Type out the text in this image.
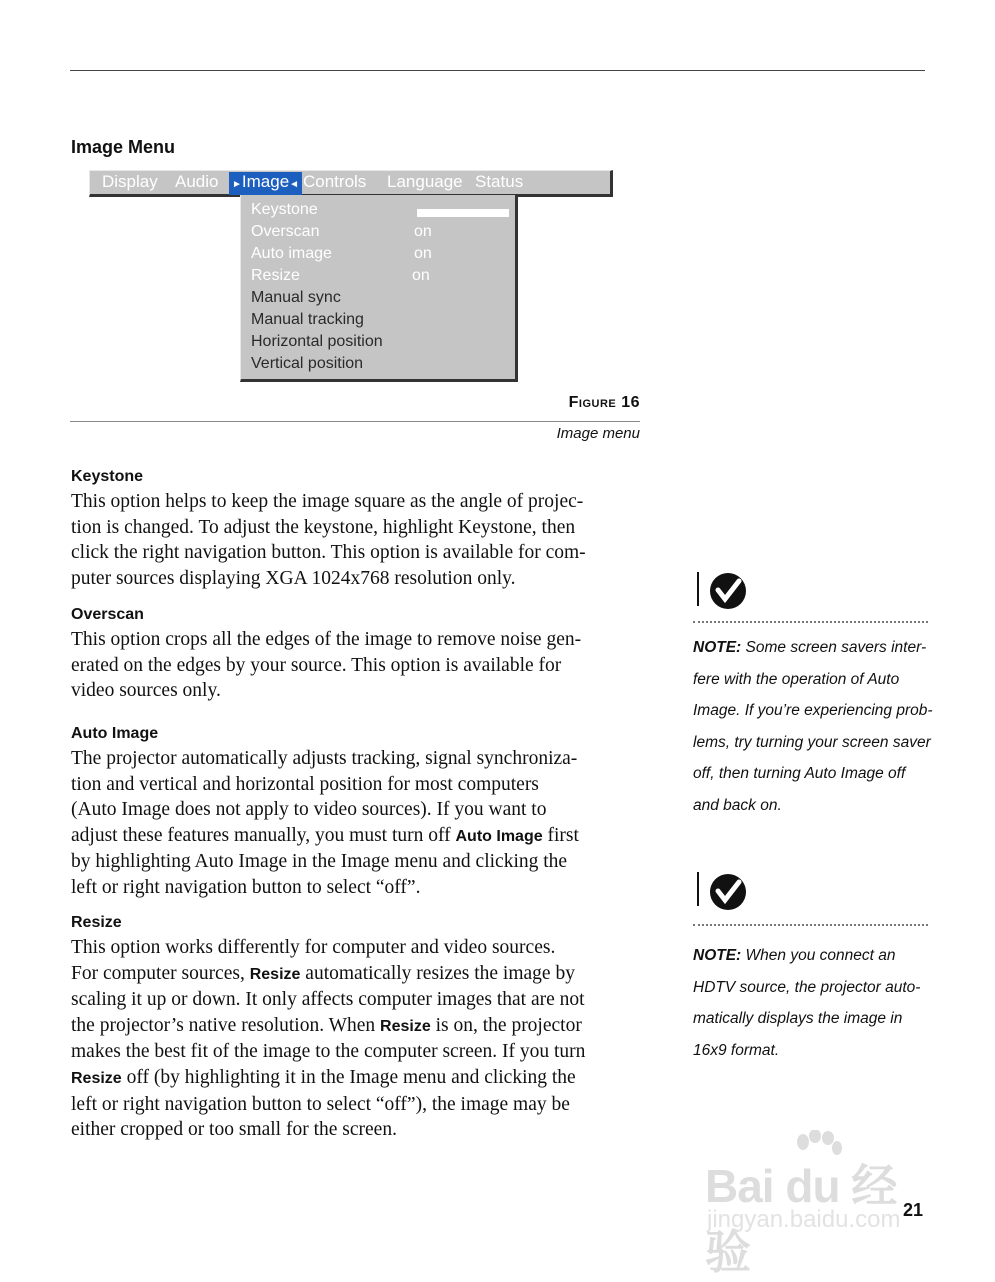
Image Menu
Display Audio	►Image◄ Controls Language Status
Keystone
Overscan	on
Auto image	on
Resize	on
Manual sync
Manual tracking
Horizontal position
Vertical position
Figure 16
Image menu
Keystone
This option helps to keep the image square as the angle of projec-
tion is changed. To adjust the keystone, highlight Keystone, then
click the right navigation button. This option is available for com-
puter sources displaying XGA 1024x768 resolution only.
Overscan
This option crops all the edges of the image to remove noise gen-
erated on the edges by your source. This option is available for
video sources only.
Auto Image
The projector automatically adjusts tracking, signal synchroniza-
tion and vertical and horizontal position for most computers
(Auto Image does not apply to video sources). If you want to
adjust these features manually, you must turn off Auto Image first
by highlighting Auto Image in the Image menu and clicking the
left or right navigation button to select “off”.
Resize
This option works differently for computer and video sources.
For computer sources, Resize automatically resizes the image by
scaling it up or down. It only affects computer images that are not
the projector’s native resolution. When Resize is on, the projector
makes the best fit of the image to the computer screen. If you turn
Resize off (by highlighting it in the Image menu and clicking the
left or right navigation button to select “off”), the image may be
either cropped or too small for the screen.
NOTE: Some screen savers inter-
fere with the operation of Auto
Image. If you’re experiencing prob-
lems, try turning your screen saver
off, then turning Auto Image off
and back on.
NOTE: When you connect an
HDTV source, the projector auto-
matically displays the image in
16x9 format.
Bai du 经验
jingyan.baidu.com 21
